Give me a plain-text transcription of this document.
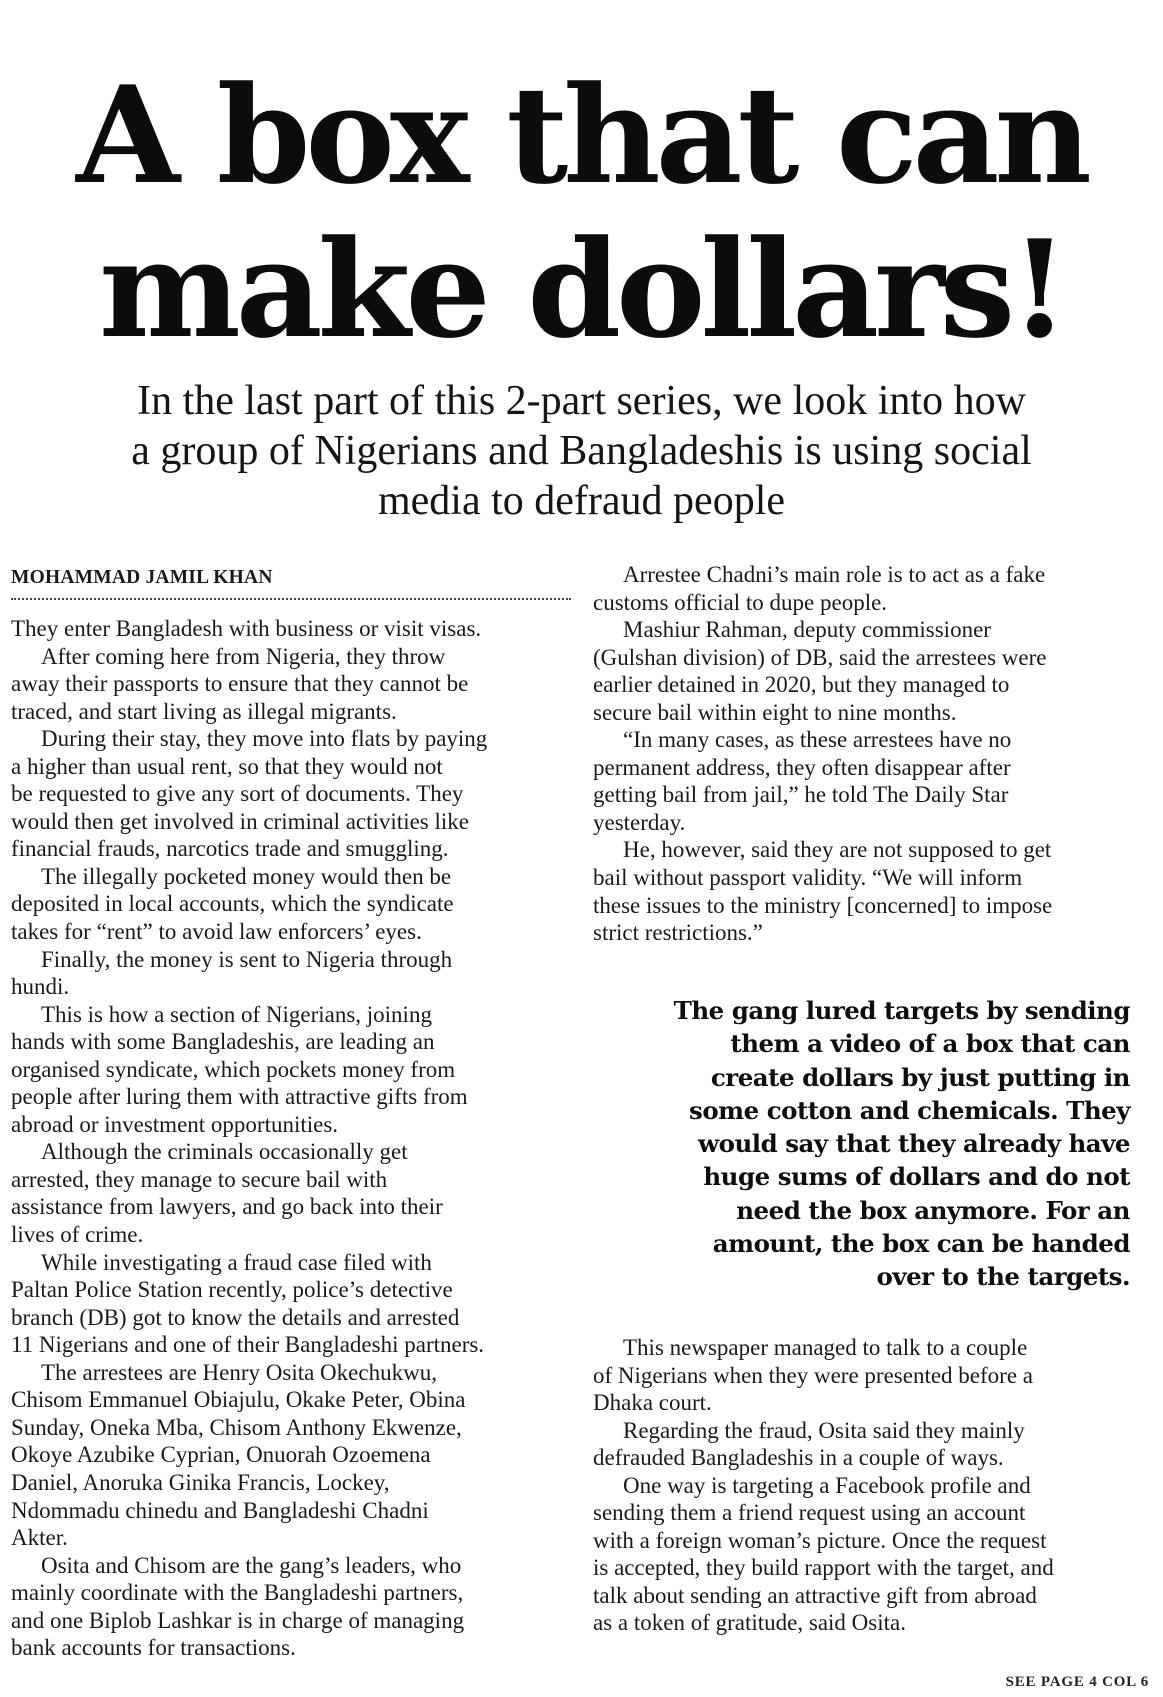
A box that can
make dollars!
In the last part of this 2-part series, we look into how
a group of Nigerians and Bangladeshis is using social
media to defraud people
MOHAMMAD JAMIL KHAN
They enter Bangladesh with business or visit visas.
After coming here from Nigeria, they throw
away their passports to ensure that they cannot be
traced, and start living as illegal migrants.
During their stay, they move into flats by paying
a higher than usual rent, so that they would not
be requested to give any sort of documents. They
would then get involved in criminal activities like
financial frauds, narcotics trade and smuggling.
The illegally pocketed money would then be
deposited in local accounts, which the syndicate
takes for “rent” to avoid law enforcers’ eyes.
Finally, the money is sent to Nigeria through
hundi.
This is how a section of Nigerians, joining
hands with some Bangladeshis, are leading an
organised syndicate, which pockets money from
people after luring them with attractive gifts from
abroad or investment opportunities.
Although the criminals occasionally get
arrested, they manage to secure bail with
assistance from lawyers, and go back into their
lives of crime.
While investigating a fraud case filed with
Paltan Police Station recently, police’s detective
branch (DB) got to know the details and arrested
11 Nigerians and one of their Bangladeshi partners.
The arrestees are Henry Osita Okechukwu,
Chisom Emmanuel Obiajulu, Okake Peter, Obina
Sunday, Oneka Mba, Chisom Anthony Ekwenze,
Okoye Azubike Cyprian, Onuorah Ozoemena
Daniel, Anoruka Ginika Francis, Lockey,
Ndommadu chinedu and Bangladeshi Chadni
Akter.
Osita and Chisom are the gang’s leaders, who
mainly coordinate with the Bangladeshi partners,
and one Biplob Lashkar is in charge of managing
bank accounts for transactions.
Arrestee Chadni’s main role is to act as a fake
customs official to dupe people.
Mashiur Rahman, deputy commissioner
(Gulshan division) of DB, said the arrestees were
earlier detained in 2020, but they managed to
secure bail within eight to nine months.
“In many cases, as these arrestees have no
permanent address, they often disappear after
getting bail from jail,” he told The Daily Star
yesterday.
He, however, said they are not supposed to get
bail without passport validity. “We will inform
these issues to the ministry [concerned] to impose
strict restrictions.”
The gang lured targets by sending
them a video of a box that can
create dollars by just putting in
some cotton and chemicals. They
would say that they already have
huge sums of dollars and do not
need the box anymore. For an
amount, the box can be handed
over to the targets.
This newspaper managed to talk to a couple
of Nigerians when they were presented before a
Dhaka court.
Regarding the fraud, Osita said they mainly
defrauded Bangladeshis in a couple of ways.
One way is targeting a Facebook profile and
sending them a friend request using an account
with a foreign woman’s picture. Once the request
is accepted, they build rapport with the target, and
talk about sending an attractive gift from abroad
as a token of gratitude, said Osita.
SEE PAGE 4 COL 6
